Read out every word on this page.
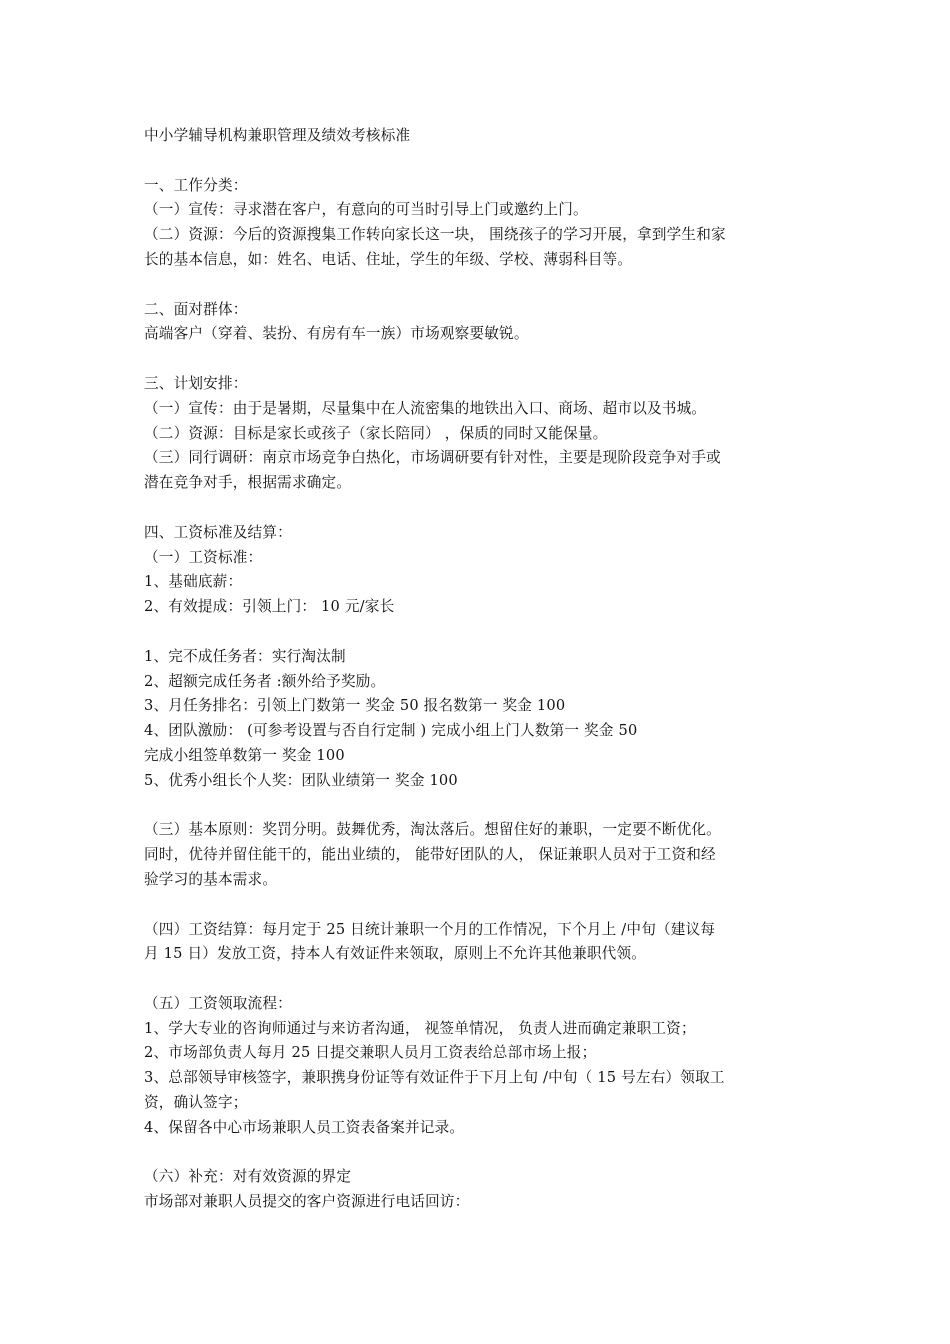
中小学辅导机构兼职管理及绩效考核标准
一、工作分类：
（一）宣传：寻求潜在客户，有意向的可当时引导上门或邀约上门。
（二）资源：今后的资源搜集工作转向家长这一块， 围绕孩子的学习开展，拿到学生和家
长的基本信息，如：姓名、电话、住址，学生的年级、学校、薄弱科目等。
二、面对群体：
高端客户（穿着、装扮、有房有车一族）市场观察要敏锐。
三、计划安排：
（一）宣传：由于是暑期，尽量集中在人流密集的地铁出入口、商场、超市以及书城。
（二）资源：目标是家长或孩子（家长陪同） ，保质的同时又能保量。
（三）同行调研：南京市场竞争白热化，市场调研要有针对性，主要是现阶段竞争对手或
潜在竞争对手，根据需求确定。
四、工资标准及结算：
（一）工资标准：
1、基础底薪：
2、有效提成：引领上门： 10 元/家长
1、完不成任务者：实行淘汰制
2、超额完成任务者 :额外给予奖励。
3、月任务排名：引领上门数第一 奖金 50 报名数第一 奖金 100
4、团队激励： (可参考设置与否自行定制 ) 完成小组上门人数第一 奖金 50
完成小组签单数第一 奖金 100
5、优秀小组长个人奖：团队业绩第一 奖金 100
（三）基本原则：奖罚分明。鼓舞优秀，淘汰落后。想留住好的兼职，一定要不断优化。
同时，优待并留住能干的，能出业绩的， 能带好团队的人， 保证兼职人员对于工资和经
验学习的基本需求。
（四）工资结算：每月定于 25 日统计兼职一个月的工作情况，下个月上 /中旬（建议每
月 15 日）发放工资，持本人有效证件来领取，原则上不允许其他兼职代领。
（五）工资领取流程：
1、学大专业的咨询师通过与来访者沟通， 视签单情况， 负责人进而确定兼职工资；
2、市场部负责人每月 25 日提交兼职人员月工资表给总部市场上报；
3、总部领导审核签字，兼职携身份证等有效证件于下月上旬 /中旬（ 15 号左右）领取工
资，确认签字；
4、保留各中心市场兼职人员工资表备案并记录。
（六）补充：对有效资源的界定
市场部对兼职人员提交的客户资源进行电话回访：
